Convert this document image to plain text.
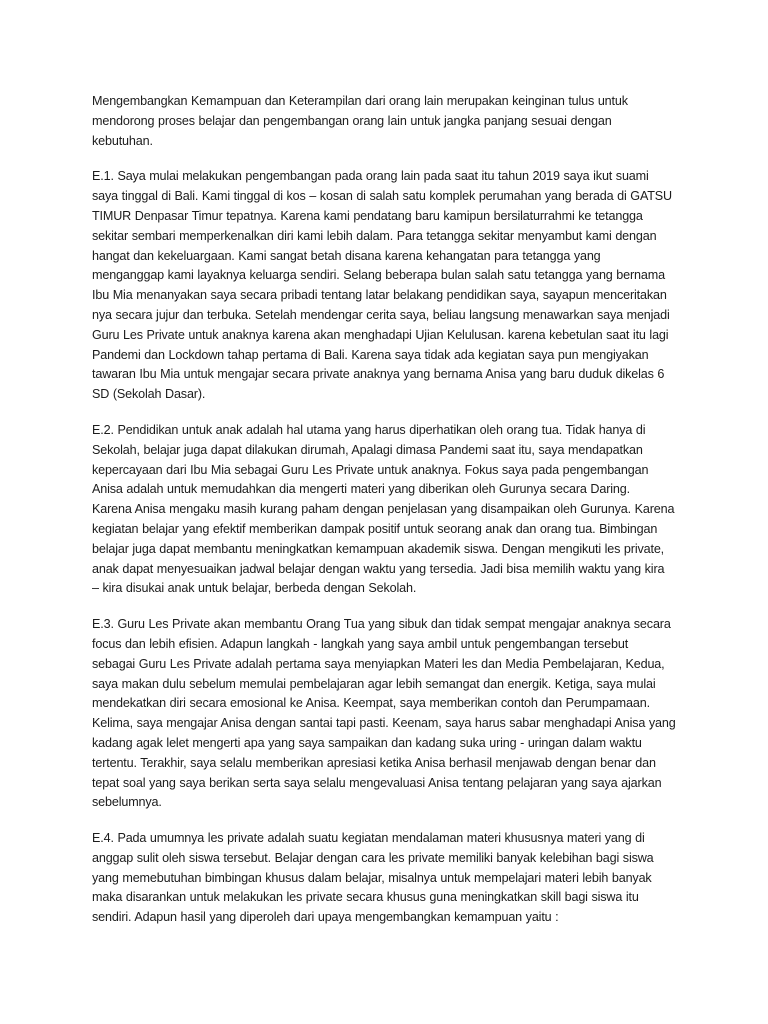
Mengembangkan Kemampuan dan Keterampilan dari orang lain merupakan keinginan tulus untuk
mendorong proses belajar dan pengembangan orang lain untuk jangka panjang sesuai dengan
kebutuhan.

E.1. Saya mulai melakukan pengembangan pada orang lain pada saat itu tahun 2019 saya ikut suami
saya tinggal di Bali. Kami tinggal di kos – kosan di salah satu komplek perumahan yang berada di GATSU
TIMUR Denpasar Timur tepatnya. Karena kami pendatang baru kamipun bersilaturrahmi ke tetangga
sekitar sembari memperkenalkan diri kami lebih dalam. Para tetangga sekitar menyambut kami dengan
hangat dan kekeluargaan. Kami sangat betah disana karena kehangatan para tetangga yang
menganggap kami layaknya keluarga sendiri. Selang beberapa bulan salah satu tetangga yang bernama
Ibu Mia menanyakan saya secara pribadi tentang latar belakang pendidikan saya, sayapun menceritakan
nya secara jujur dan terbuka. Setelah mendengar cerita saya, beliau langsung menawarkan saya menjadi
Guru Les Private untuk anaknya karena akan menghadapi Ujian Kelulusan. karena kebetulan saat itu lagi
Pandemi dan Lockdown tahap pertama di Bali. Karena saya tidak ada kegiatan saya pun mengiyakan
tawaran Ibu Mia untuk mengajar secara private anaknya yang bernama Anisa yang baru duduk dikelas 6
SD (Sekolah Dasar).

E.2. Pendidikan untuk anak adalah hal utama yang harus diperhatikan oleh orang tua. Tidak hanya di
Sekolah, belajar juga dapat dilakukan dirumah, Apalagi dimasa Pandemi saat itu, saya mendapatkan
kepercayaan dari Ibu Mia sebagai Guru Les Private untuk anaknya. Fokus saya pada pengembangan
Anisa adalah untuk memudahkan dia mengerti materi yang diberikan oleh Gurunya secara Daring.
Karena Anisa mengaku masih kurang paham dengan penjelasan yang disampaikan oleh Gurunya. Karena
kegiatan belajar yang efektif memberikan dampak positif untuk seorang anak dan orang tua. Bimbingan
belajar juga dapat membantu meningkatkan kemampuan akademik siswa. Dengan mengikuti les private,
anak dapat menyesuaikan jadwal belajar dengan waktu yang tersedia. Jadi bisa memilih waktu yang kira
– kira disukai anak untuk belajar, berbeda dengan Sekolah.

E.3. Guru Les Private akan membantu Orang Tua yang sibuk dan tidak sempat mengajar anaknya secara
focus dan lebih efisien. Adapun langkah - langkah yang saya ambil untuk pengembangan tersebut
sebagai Guru Les Private adalah pertama saya menyiapkan Materi les dan Media Pembelajaran, Kedua,
saya makan dulu sebelum memulai pembelajaran agar lebih semangat dan energik. Ketiga, saya mulai
mendekatkan diri secara emosional ke Anisa. Keempat, saya memberikan contoh dan Perumpamaan.
Kelima, saya mengajar Anisa dengan santai tapi pasti. Keenam, saya harus sabar menghadapi Anisa yang
kadang agak lelet mengerti apa yang saya sampaikan dan kadang suka uring - uringan dalam waktu
tertentu. Terakhir, saya selalu memberikan apresiasi ketika Anisa berhasil menjawab dengan benar dan
tepat soal yang saya berikan serta saya selalu mengevaluasi Anisa tentang pelajaran yang saya ajarkan
sebelumnya.

E.4. Pada umumnya les private adalah suatu kegiatan mendalaman materi khususnya materi yang di
anggap sulit oleh siswa tersebut. Belajar dengan cara les private memiliki banyak kelebihan bagi siswa
yang memebutuhan bimbingan khusus dalam belajar, misalnya untuk mempelajari materi lebih banyak
maka disarankan untuk melakukan les private secara khusus guna meningkatkan skill bagi siswa itu
sendiri. Adapun hasil yang diperoleh dari upaya mengembangkan kemampuan yaitu :
